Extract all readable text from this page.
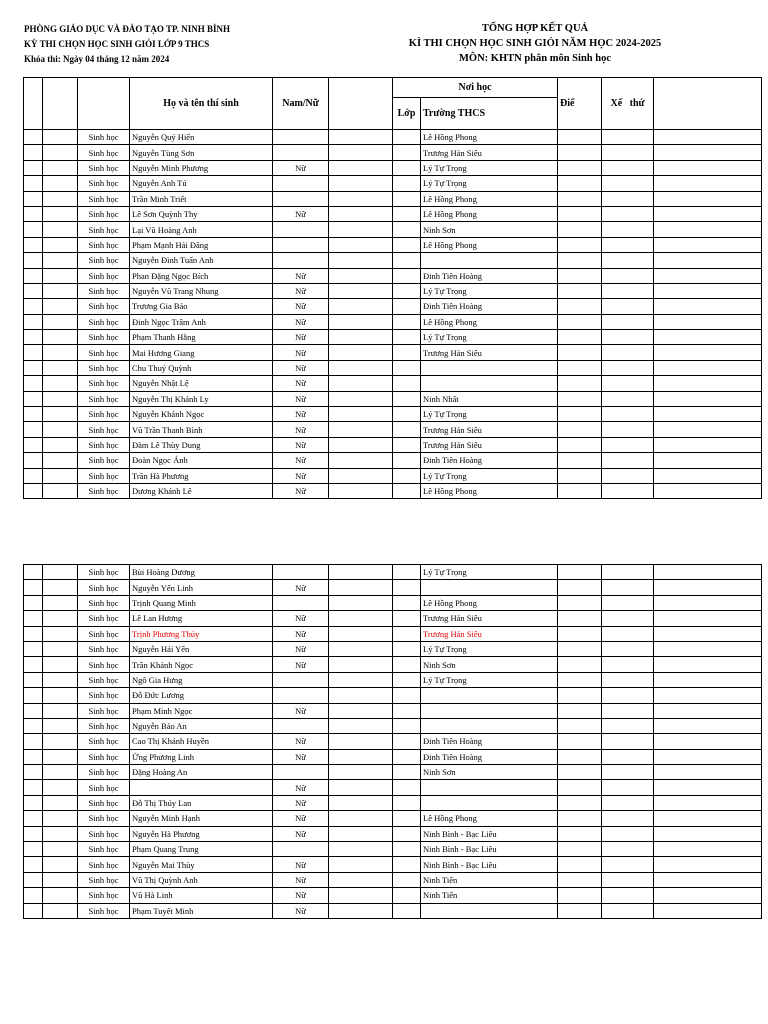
PHÒNG GIÁO DỤC VÀ ĐÀO TẠO TP. NINH BÌNH
KỲ THI CHỌN HỌC SINH GIỎI LỚP 9 THCS
Khóa thi: Ngày 04 tháng 12 năm 2024
TỔNG HỢP KẾT QUẢ
KÌ THI CHỌN HỌC SINH GIỎI NĂM HỌC 2024-2025
MÔN: KHTN phân môn Sinh học
			Họ và tên thí sinh	Nam/Nữ		Nơi học		Điể	Xế   thứ	
						Lớp	Trường THCS			
		Sinh học	Nguyễn Quý Hiển				Lê Hồng Phong			
		Sinh học	Nguyễn Tùng Sơn				Trương Hán Siêu			
		Sinh học	Nguyễn Minh Phương	Nữ			Lý Tự Trọng			
		Sinh học	Nguyễn Anh Tú				Lý Tự Trọng			
		Sinh học	Trần Minh Triết				Lê Hồng Phong			
		Sinh học	Lê Sơn Quỳnh Thy	Nữ			Lê Hồng Phong			
		Sinh học	Lại Vũ Hoàng Anh				Ninh Sơn			
		Sinh học	Phạm Mạnh Hải Đăng				Lê Hồng Phong			
		Sinh học	Nguyễn Đình Tuấn Anh							
		Sinh học	Phan Đặng Ngọc Bích	Nữ			Đinh Tiên Hoàng			
		Sinh học	Nguyễn Vũ Trang Nhung	Nữ			Lý Tự Trọng			
		Sinh học	Trương Gia Bảo	Nữ			Đinh Tiên Hoàng			
		Sinh học	Đinh Ngọc Trâm Anh	Nữ			Lê Hồng Phong			
		Sinh học	Phạm Thanh Hằng	Nữ			Lý Tự Trọng			
		Sinh học	Mai Hương Giang	Nữ			Trương Hán Siêu			
		Sinh học	Chu Thuý Quỳnh	Nữ						
		Sinh học	Nguyễn Nhật Lệ	Nữ						
		Sinh học	Nguyễn Thị Khánh Ly	Nữ			Ninh Nhất			
		Sinh học	Nguyễn Khánh Ngọc	Nữ			Lý Tự Trọng			
		Sinh học	Vũ Trần Thanh Bình	Nữ			Trương Hán Siêu			
		Sinh học	Đàm Lê Thùy Dung	Nữ			Trương Hán Siêu			
		Sinh học	Đoàn Ngọc Ánh	Nữ			Đinh Tiên Hoàng			
		Sinh học	Trần Hà Phương	Nữ			Lý Tự Trọng			
		Sinh học	Dương Khánh Lê	Nữ			Lê Hồng Phong			
		Sinh học	Bùi Hoàng Dương				Lý Tự Trọng			
		Sinh học	Nguyễn Yến Linh	Nữ						
		Sinh học	Trịnh Quang Minh				Lê Hồng Phong			
		Sinh học	Lê Lan Hương	Nữ			Trương Hán Siêu			
		Sinh học	Trịnh Phương Thủy	Nữ			Trương Hán Siêu			
		Sinh học	Nguyễn Hải Yến	Nữ			Lý Tự Trọng			
		Sinh học	Trần Khánh Ngọc	Nữ			Ninh Sơn			
		Sinh học	Ngô Gia Hưng				Lý Tự Trọng			
		Sinh học	Đỗ Đức Lương							
		Sinh học	Phạm Minh Ngọc	Nữ						
		Sinh học	Nguyễn Bảo An							
		Sinh học	Cao Thị Khánh Huyền	Nữ			Đinh Tiên Hoàng			
		Sinh học	Ứng Phương Linh	Nữ			Đinh Tiên Hoàng			
		Sinh học	Đặng Hoàng An				Ninh Sơn			
		Sinh học		Nữ						
		Sinh học	Đỗ Thị Thúy Lan	Nữ						
		Sinh học	Nguyễn Minh Hạnh	Nữ			Lê Hồng Phong			
		Sinh học	Nguyễn Hà Phương	Nữ			Ninh Bình - Bạc Liêu			
		Sinh học	Phạm Quang Trung				Ninh Bình - Bạc Liêu			
		Sinh học	Nguyễn Mai Thùy	Nữ			Ninh Bình - Bạc Liêu			
		Sinh học	Vũ Thị Quỳnh Anh	Nữ			Ninh Tiến			
		Sinh học	Vũ Hà Linh	Nữ			Ninh Tiến			
		Sinh học	Phạm Tuyết Minh	Nữ						
